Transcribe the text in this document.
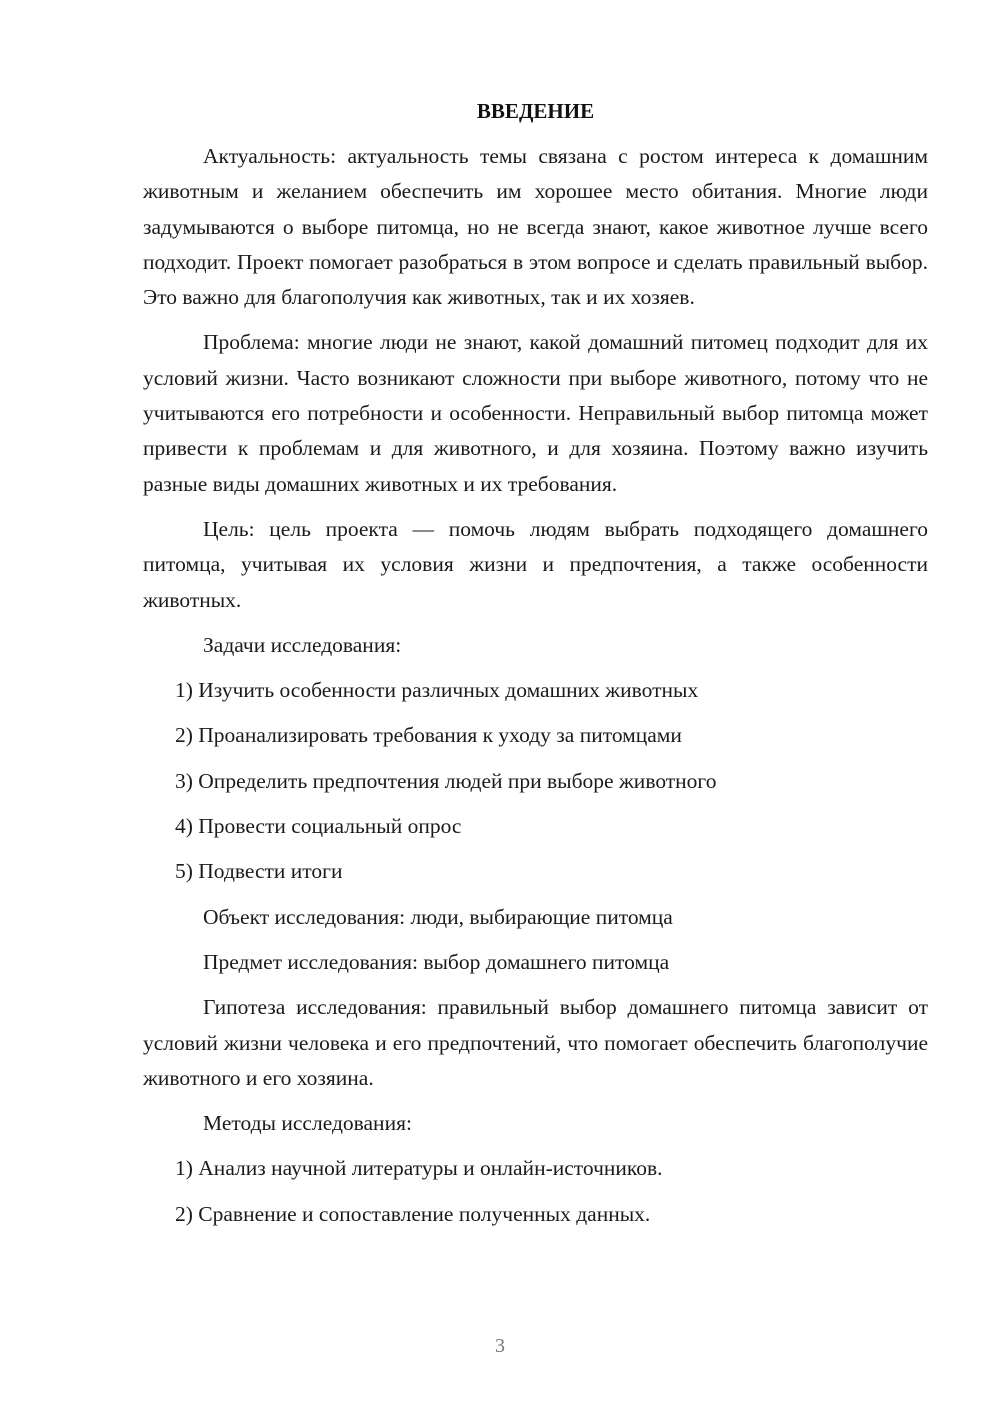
ВВЕДЕНИЕ

Актуальность: актуальность темы связана с ростом интереса к домашним животным и желанием обеспечить им хорошее место обитания. Многие люди задумываются о выборе питомца, но не всегда знают, какое животное лучше всего подходит. Проект помогает разобраться в этом вопросе и сделать правильный выбор. Это важно для благополучия как животных, так и их хозяев.

Проблема: многие люди не знают, какой домашний питомец подходит для их условий жизни. Часто возникают сложности при выборе животного, потому что не учитываются его потребности и особенности. Неправильный выбор питомца может привести к проблемам и для животного, и для хозяина. Поэтому важно изучить разные виды домашних животных и их требования.

Цель: цель проекта — помочь людям выбрать подходящего домашнего питомца, учитывая их условия жизни и предпочтения, а также особенности животных.

Задачи исследования:
1) Изучить особенности различных домашних животных
2) Проанализировать требования к уходу за питомцами
3) Определить предпочтения людей при выборе животного
4) Провести социальный опрос
5) Подвести итоги
Объект исследования: люди, выбирающие питомца
Предмет исследования: выбор домашнего питомца

Гипотеза исследования: правильный выбор домашнего питомца зависит от условий жизни человека и его предпочтений, что помогает обеспечить благополучие животного и его хозяина.

Методы исследования:
1) Анализ научной литературы и онлайн-источников.
2) Сравнение и сопоставление полученных данных.
3
